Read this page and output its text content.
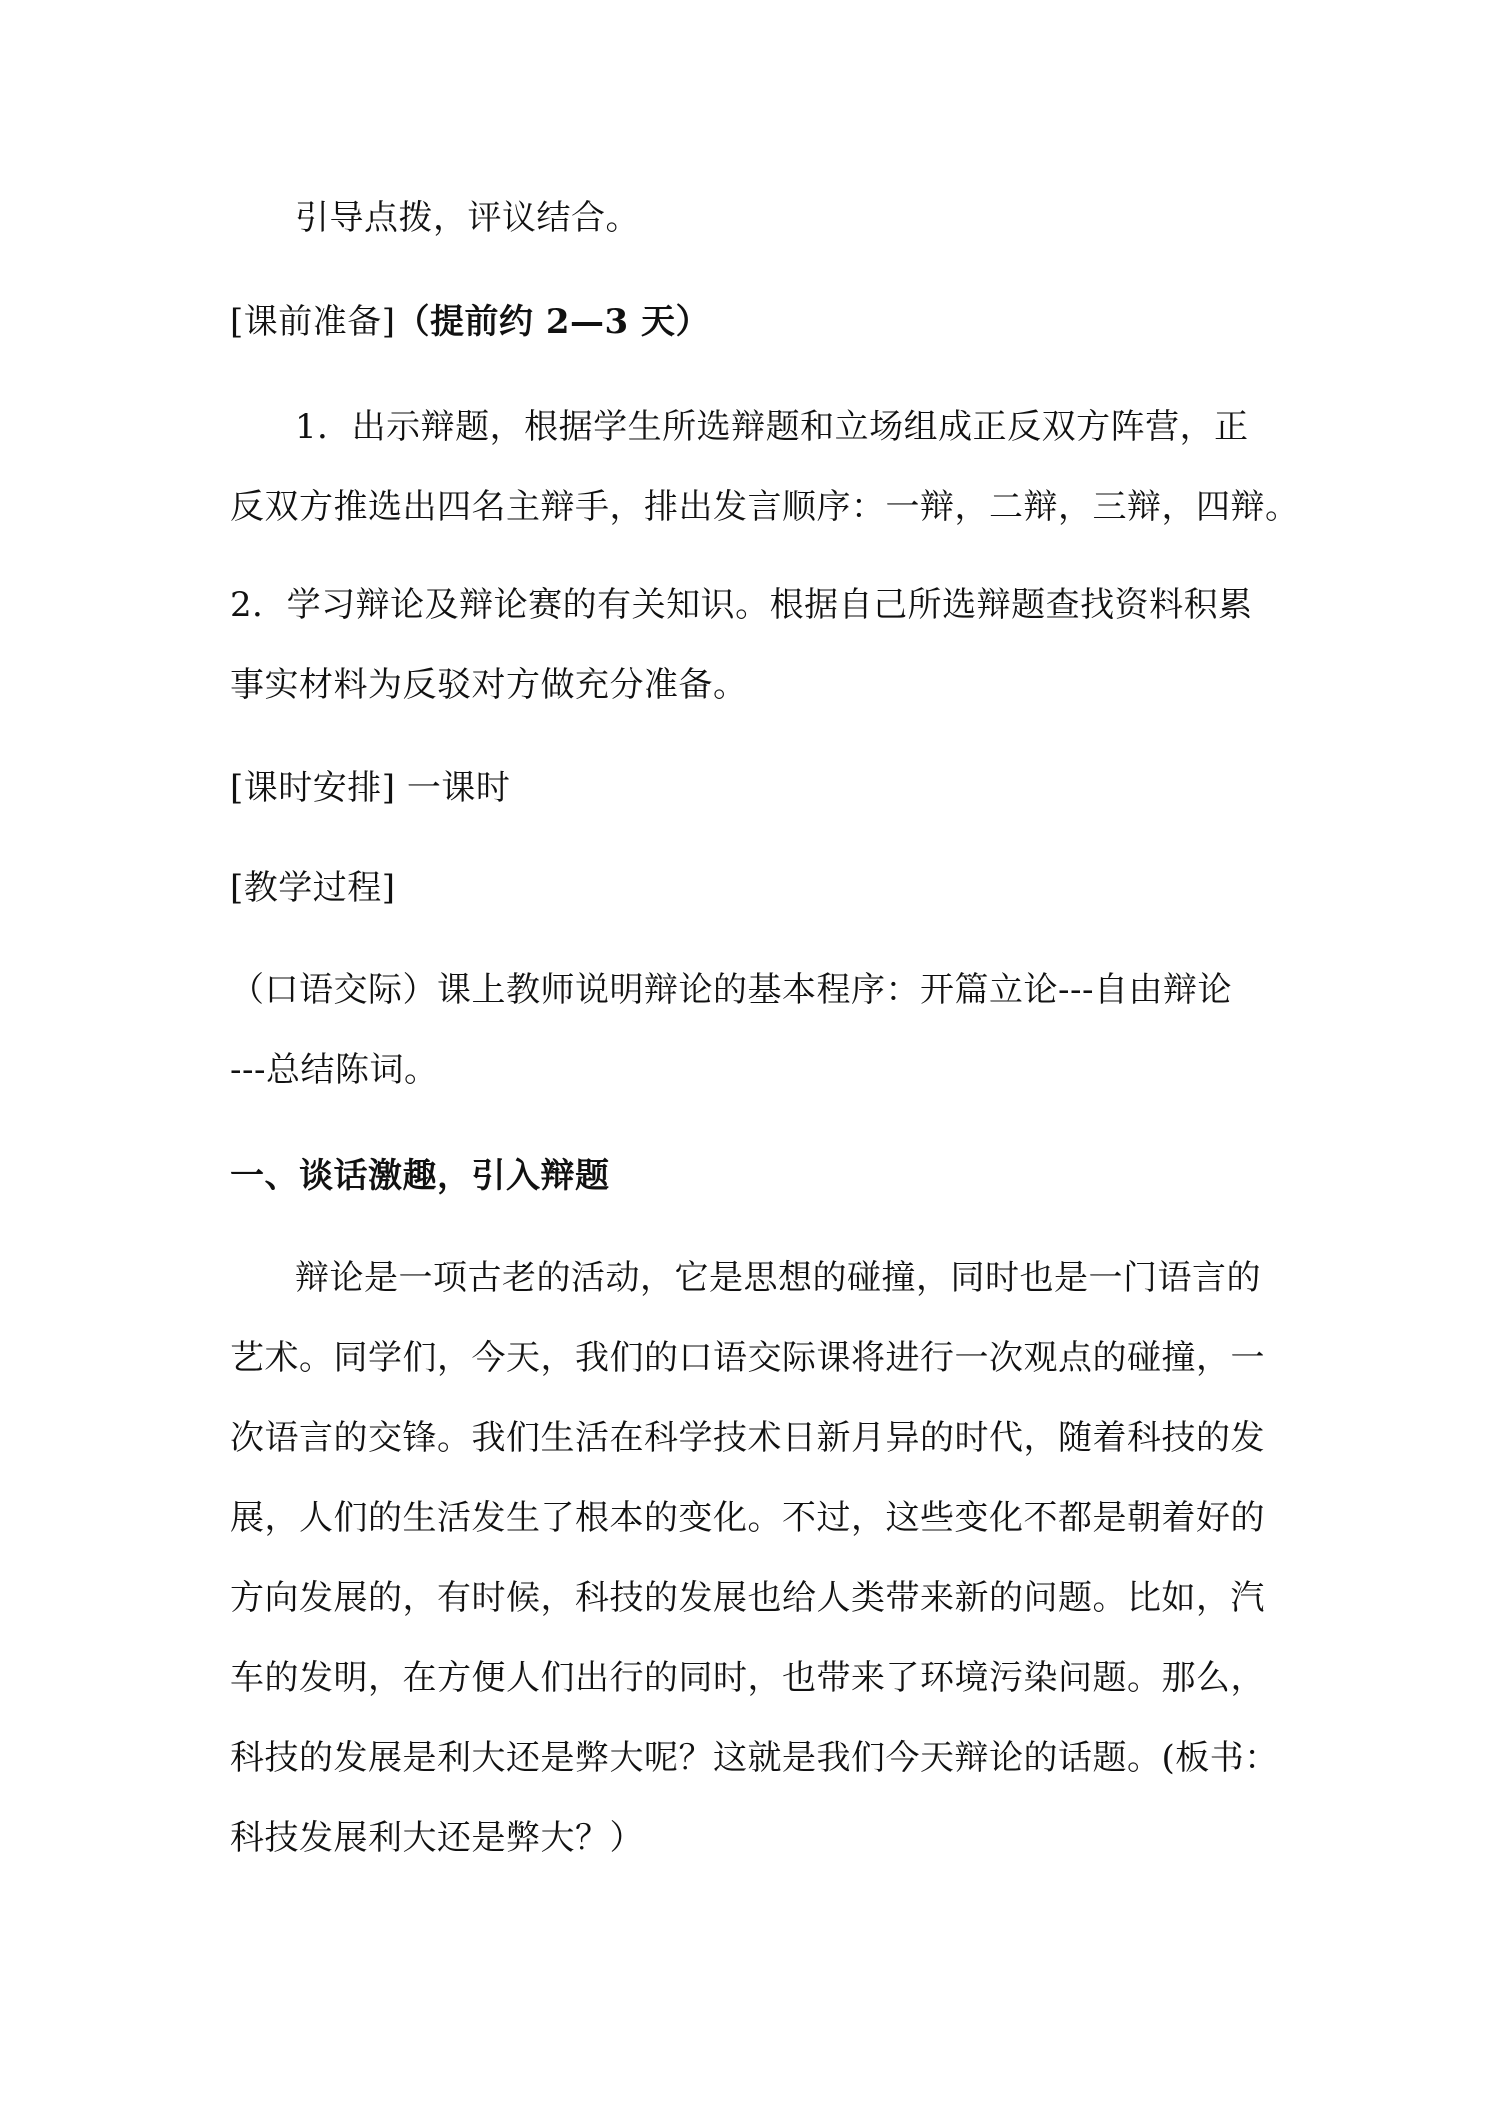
引导点拨，评议结合。
[课前准备]（提前约 2—3 天）
1．出示辩题，根据学生所选辩题和立场组成正反双方阵营，正
反双方推选出四名主辩手，排出发言顺序：一辩，二辩，三辩，四辩。
2．学习辩论及辩论赛的有关知识。根据自己所选辩题查找资料积累
事实材料为反驳对方做充分准备。
[课时安排] 一课时
[教学过程]
（口语交际）课上教师说明辩论的基本程序：开篇立论---自由辩论
---总结陈词。
一、谈话激趣，引入辩题
辩论是一项古老的活动，它是思想的碰撞，同时也是一门语言的
艺术。同学们，今天，我们的口语交际课将进行一次观点的碰撞，一
次语言的交锋。我们生活在科学技术日新月异的时代，随着科技的发
展，人们的生活发生了根本的变化。不过，这些变化不都是朝着好的
方向发展的，有时候，科技的发展也给人类带来新的问题。比如，汽
车的发明，在方便人们出行的同时，也带来了环境污染问题。那么，
科技的发展是利大还是弊大呢？这就是我们今天辩论的话题。(板书：
科技发展利大还是弊大？）
